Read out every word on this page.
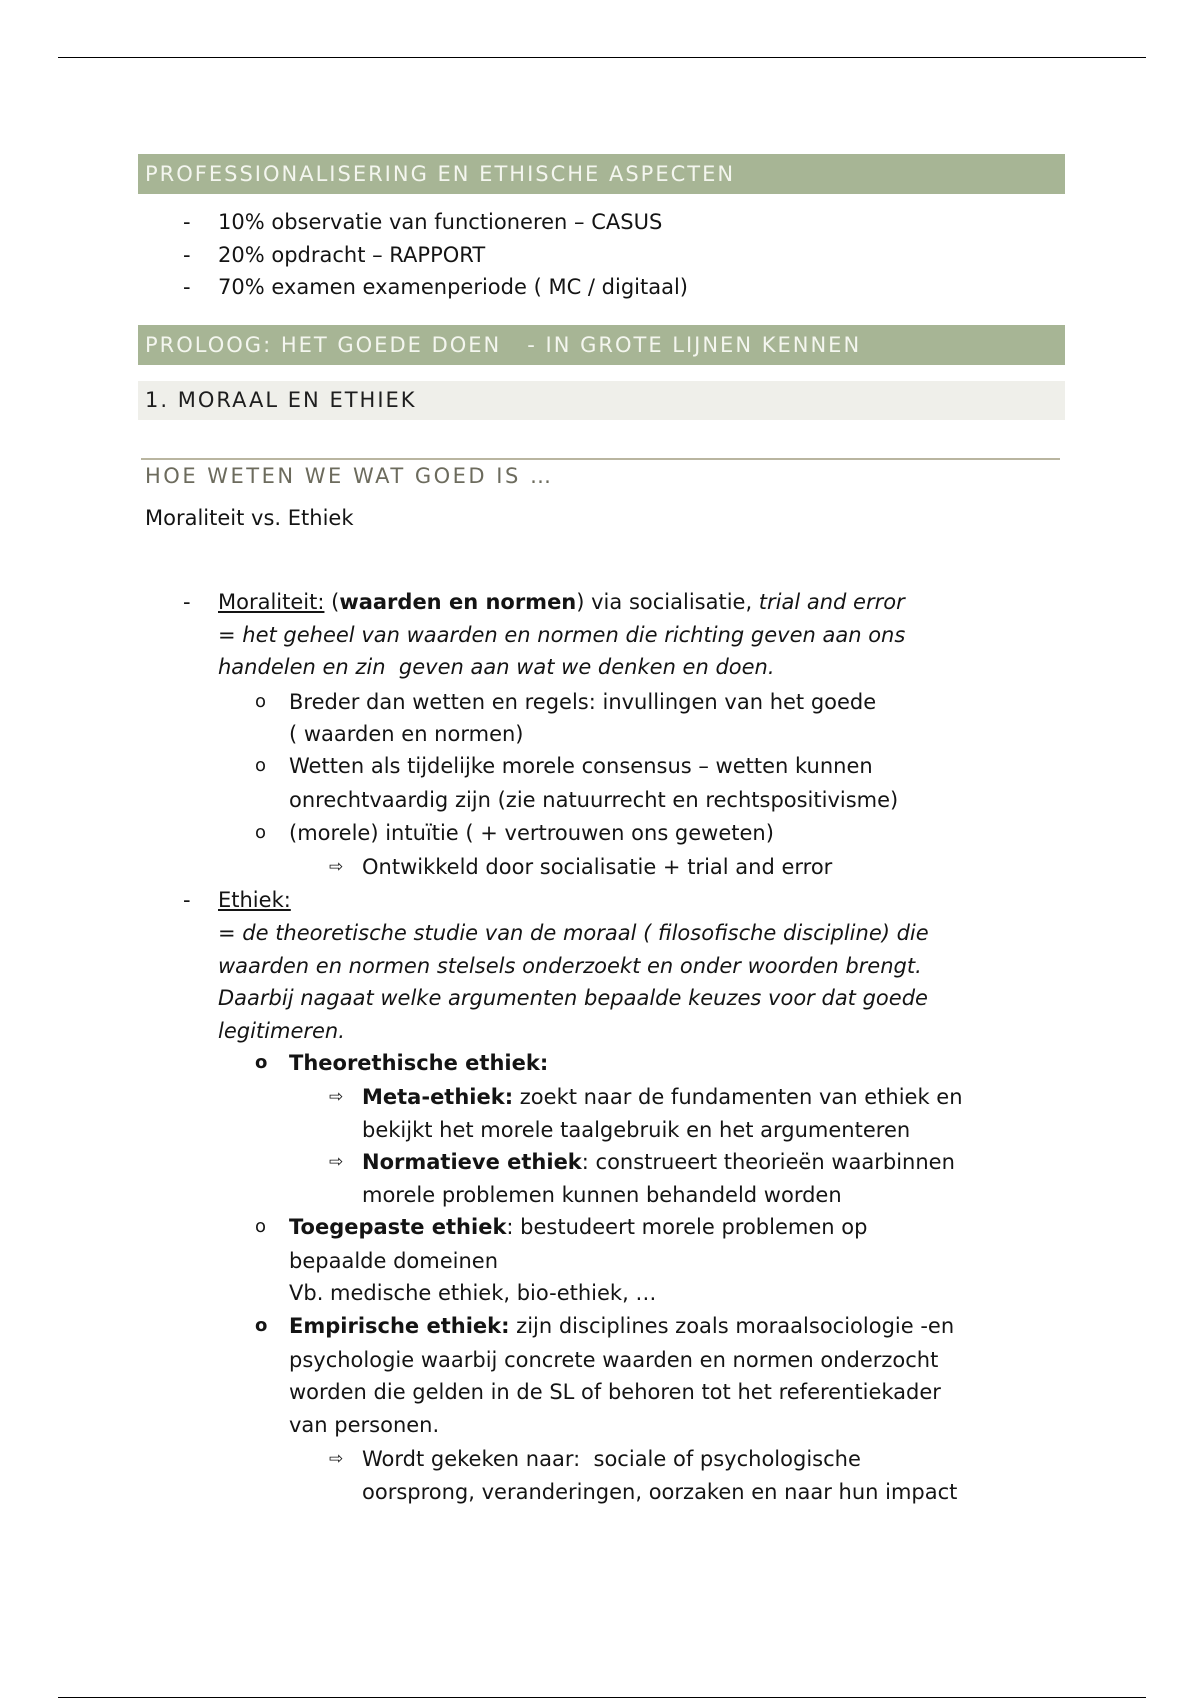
PROFESSIONALISERING EN ETHISCHE ASPECTEN
- 10% observatie van functioneren – CASUS
- 20% opdracht – RAPPORT
- 70% examen examenperiode ( MC / digitaal)
PROLOOG: HET GOEDE DOEN   - IN GROTE LIJNEN KENNEN
1. MORAAL EN ETHIEK
HOE WETEN WE WAT GOED IS …
Moraliteit vs. Ethiek
- Moraliteit: (waarden en normen) via socialisatie, trial and error
= het geheel van waarden en normen die richting geven aan ons
handelen en zin  geven aan wat we denken en doen.
o Breder dan wetten en regels: invullingen van het goede
( waarden en normen)
o Wetten als tijdelijke morele consensus – wetten kunnen
onrechtvaardig zijn (zie natuurrecht en rechtspositivisme)
o (morele) intuïtie ( + vertrouwen ons geweten)
⇨ Ontwikkeld door socialisatie + trial and error
- Ethiek:
= de theoretische studie van de moraal ( filosofische discipline) die
waarden en normen stelsels onderzoekt en onder woorden brengt.
Daarbij nagaat welke argumenten bepaalde keuzes voor dat goede
legitimeren.
o Theorethische ethiek:
⇨ Meta-ethiek: zoekt naar de fundamenten van ethiek en
bekijkt het morele taalgebruik en het argumenteren
⇨ Normatieve ethiek: construeert theorieën waarbinnen
morele problemen kunnen behandeld worden
o Toegepaste ethiek: bestudeert morele problemen op
bepaalde domeinen
Vb. medische ethiek, bio-ethiek, …
o Empirische ethiek: zijn disciplines zoals moraalsociologie -en
psychologie waarbij concrete waarden en normen onderzocht
worden die gelden in de SL of behoren tot het referentiekader
van personen.
⇨ Wordt gekeken naar:  sociale of psychologische
oorsprong, veranderingen, oorzaken en naar hun impact
